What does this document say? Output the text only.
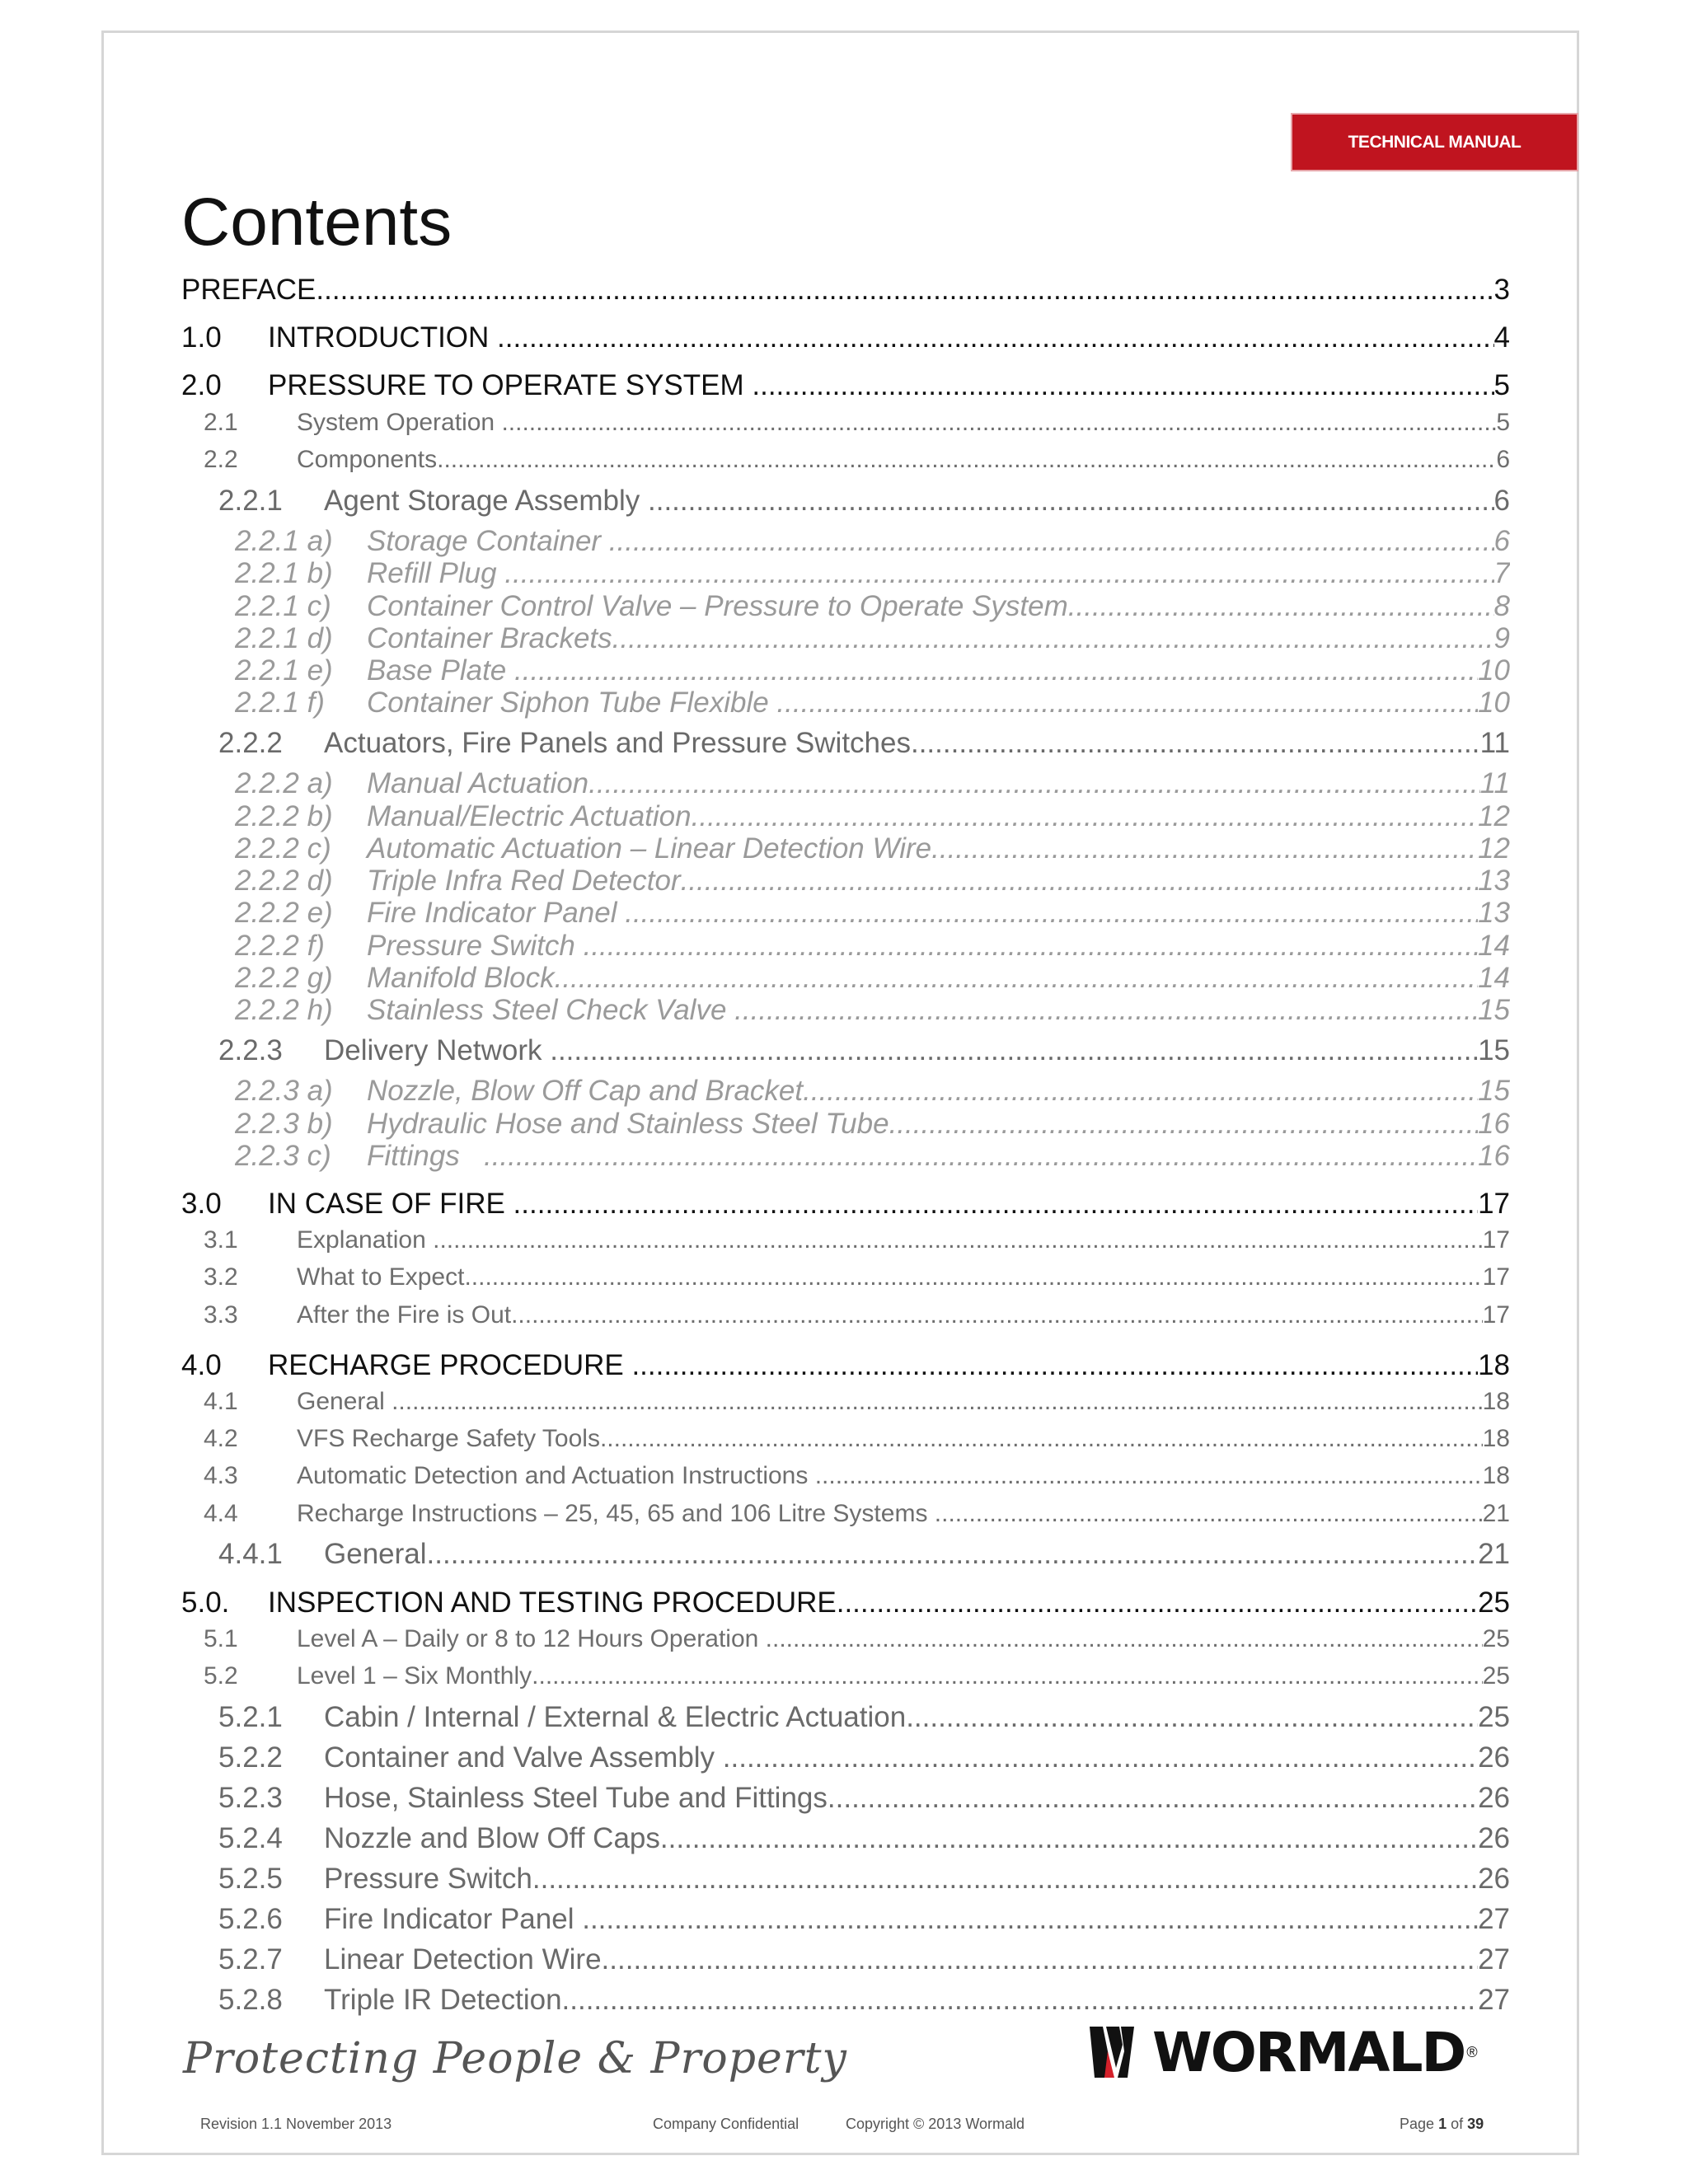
TECHNICAL MANUAL
Contents
PREFACE .....	3
1.0	INTRODUCTION .....	4
2.0	PRESSURE TO OPERATE SYSTEM .....	5
2.1	System Operation .....	5
2.2	Components .....	6
2.2.1	Agent Storage Assembly .....	6
2.2.1 a)	Storage Container .....	6
2.2.1 b)	Refill Plug .....	7
2.2.1 c)	Container Control Valve – Pressure to Operate System .....	8
2.2.1 d)	Container Brackets .....	9
2.2.1 e)	Base Plate .....	10
2.2.1 f)	Container Siphon Tube Flexible .....	10
2.2.2	Actuators, Fire Panels and Pressure Switches .....	11
2.2.2 a)	Manual Actuation .....	11
2.2.2 b)	Manual/Electric Actuation .....	12
2.2.2 c)	Automatic Actuation – Linear Detection Wire .....	12
2.2.2 d)	Triple Infra Red Detector .....	13
2.2.2 e)	Fire Indicator Panel .....	13
2.2.2 f)	Pressure Switch .....	14
2.2.2 g)	Manifold Block .....	14
2.2.2 h)	Stainless Steel Check Valve .....	15
2.2.3	Delivery Network .....	15
2.2.3 a)	Nozzle, Blow Off Cap and Bracket .....	15
2.2.3 b)	Hydraulic Hose and Stainless Steel Tube .....	16
2.2.3 c)	Fittings .....	16
3.0	IN CASE OF FIRE .....	17
3.1	Explanation .....	17
3.2	What to Expect .....	17
3.3	After the Fire is Out .....	17
4.0	RECHARGE PROCEDURE .....	18
4.1	General .....	18
4.2	VFS Recharge Safety Tools .....	18
4.3	Automatic Detection and Actuation Instructions .....	18
4.4	Recharge Instructions – 25, 45, 65 and 106 Litre Systems .....	21
4.4.1	General .....	21
5.0.	INSPECTION AND TESTING PROCEDURE .....	25
5.1	Level A – Daily or 8 to 12 Hours Operation .....	25
5.2	Level 1 – Six Monthly .....	25
5.2.1	Cabin / Internal / External & Electric Actuation .....	25
5.2.2	Container and Valve Assembly .....	26
5.2.3	Hose, Stainless Steel Tube and Fittings .....	26
5.2.4	Nozzle and Blow Off Caps .....	26
5.2.5	Pressure Switch .....	26
5.2.6	Fire Indicator Panel .....	27
5.2.7	Linear Detection Wire .....	27
5.2.8	Triple IR Detection .....	27
Protecting People & Property	WORMALD ®
Revision 1.1 November 2013	Company Confidential	Copyright © 2013 Wormald	Page 1 of 39
